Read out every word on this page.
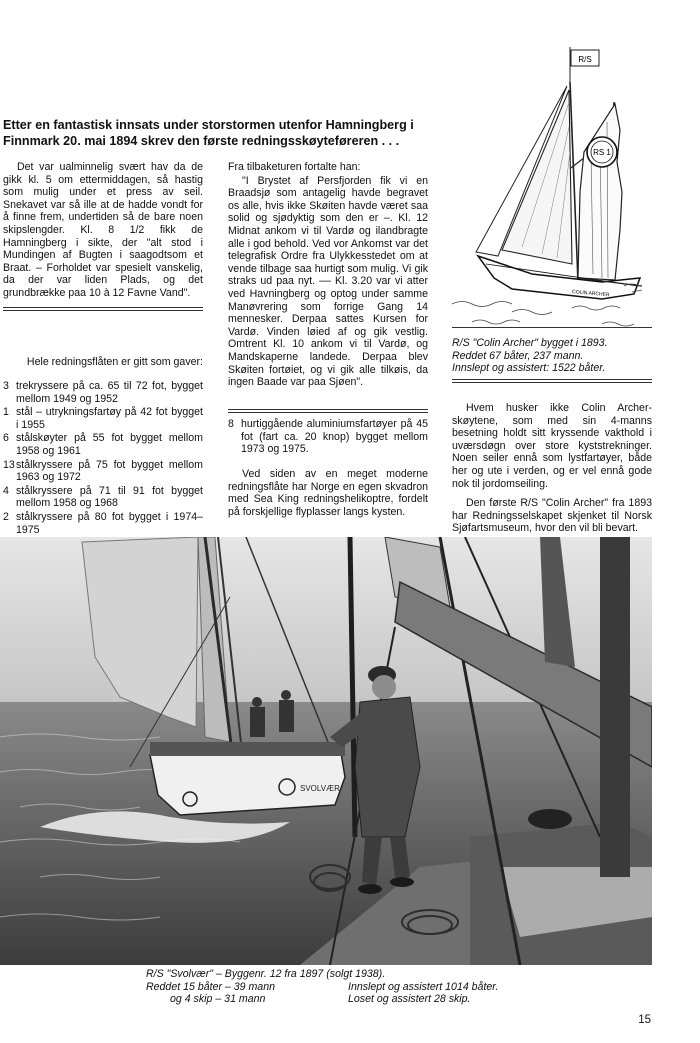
Etter en fantastisk innsats under storstormen utenfor Hamningberg i Finnmark 20. mai 1894 skrev den første redningsskøyteføreren . . .

Det var ualminnelig svært hav da de gikk kl. 5 om ettermiddagen, så hastig som mulig under et press av seil. Snekavet var så ille at de hadde vondt for å finne frem, undertiden så de bare noen skipslengder. Kl. 8 1/2 fikk de Hamningberg i sikte, der "alt stod i Mundingen af Bugten i saagodtsom et Braat. – Forholdet var spesielt vanskelig, da der var liden Plads, og det grundbrække paa 10 à 12 Favne Vand".

Hele redningsflåten er gitt som gaver:
3 trekryssere på ca. 65 til 72 fot, bygget mellom 1949 og 1952
1 stål – utrykningsfartøy på 42 fot bygget i 1955
6 stålskøyter på 55 fot bygget mellom 1958 og 1961
13 stålkryssere på 75 fot bygget mellom 1963 og 1972
4 stålkryssere på 71 til 91 fot bygget mellom 1958 og 1968
2 stålkryssere på 80 fot bygget i 1974–1975

Fra tilbaketuren fortalte han:

"I Brystet af Persfjorden fik vi en Braadsjø som antagelig havde begravet os alle, hvis ikke Skøiten havde været saa solid og sjødyktig som den er –. Kl. 12 Midnat ankom vi til Vardø og ilandbragte alle i god behold. Ved vor Ankomst var det telegrafisk Ordre fra Ulykkesstedet om at vende tilbage saa hurtigt som mulig. Vi gik straks ud paa nyt. –– Kl. 3.20 var vi atter ved Havningberg og optog under samme Manøvrering som forrige Gang 14 mennesker. Derpaa sattes Kursen for Vardø. Vinden løied af og gik vestlig. Omtrent Kl. 10 ankom vi til Vardø, og Mandskaperne landede. Derpaa blev Skøiten fortøiet, og vi gik alle tilkøis, da ingen Baade var paa Sjøen".

8 hurtiggående aluminiumsfartøyer på 45 fot (fart ca. 20 knop) bygget mellom 1973 og 1975.

Ved siden av en meget moderne redningsflåte har Norge en egen skvadron med Sea King redningshelikoptre, fordelt på forskjellige flyplasser langs kysten.

R/S
RS 1
COLIN ARCHER
R/S "Colin Archer" bygget i 1893.
Reddet 67 båter, 237 mann.
Innslept og assistert: 1522 båter.

Hvem husker ikke Colin Archer-skøytene, som med sin 4-manns besetning holdt sitt kryssende vakthold i uværsdøgn over store kyststrekninger. Noen seiler ennå som lystfartøyer, både her og ute i verden, og er vel ennå gode nok til jordomseiling.

Den første R/S "Colin Archer" fra 1893 har Redningsselskapet skjenket til Norsk Sjøfartsmuseum, hvor den vil bli bevart.

SVOLVÆR
R/S "Svolvær" – Byggenr. 12 fra 1897 (solgt 1938).
Reddet 15 båter – 39 mann
og 4 skip – 31 mann
Innslept og assistert 1014 båter.
Loset og assistert 28 skip.
15
